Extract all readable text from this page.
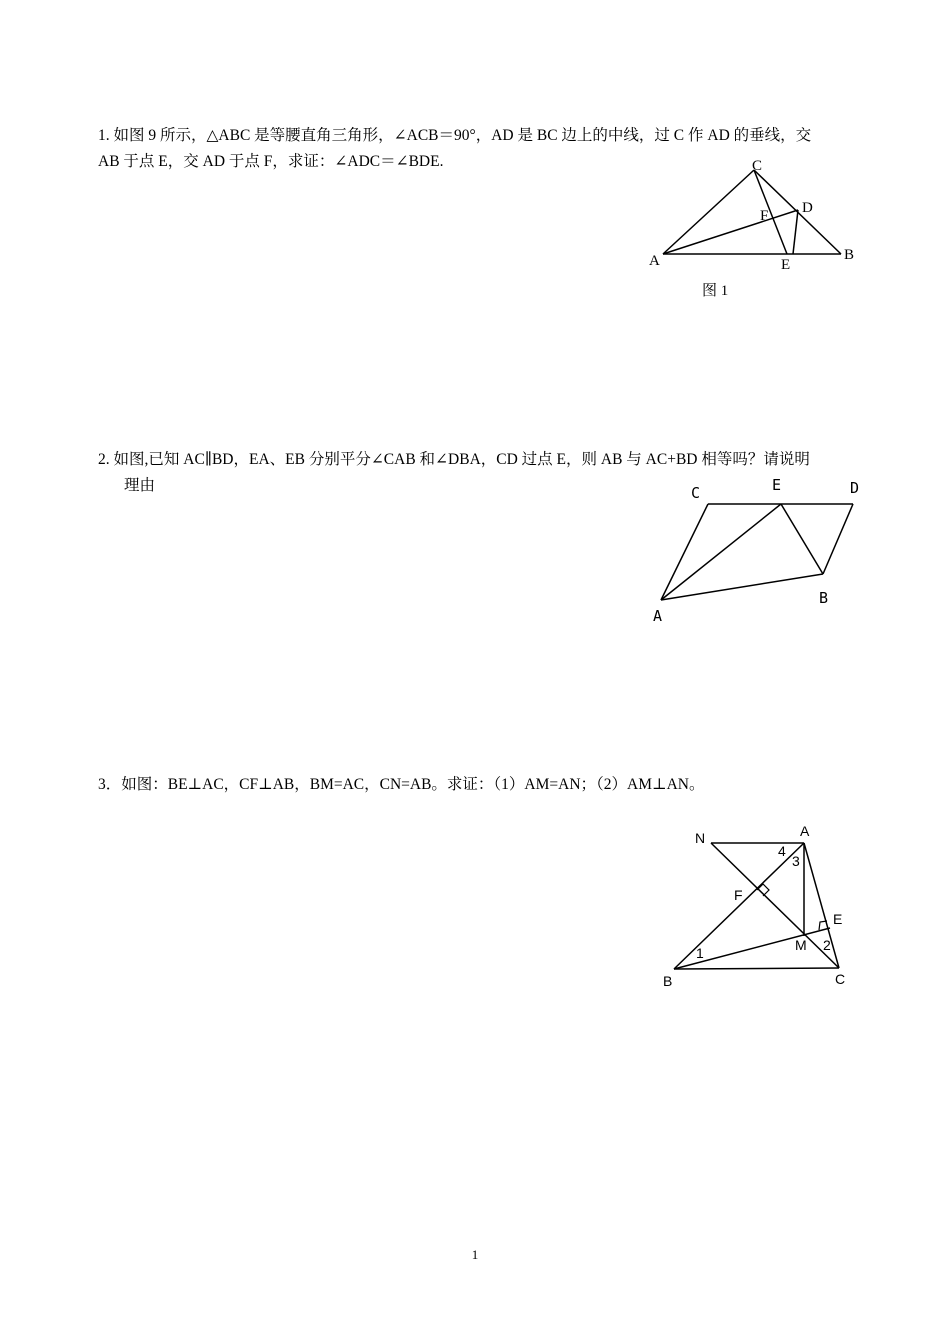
1. 如图 9 所示，△ABC 是等腰直角三角形，∠ACB＝90°，AD 是 BC 边上的中线，过 C 作 AD 的垂线，交
AB 于点 E，交 AD 于点 F，求证：∠ADC＝∠BDE.	C
D
F
A	E
B
图 1
2. 如图,已知 AC∥BD，EA、EB 分别平分∠CAB 和∠DBA，CD 过点 E，则 AB 与 AC+BD 相等吗？请说明
理由	C	E	D
B
A
3．如图：BE⊥AC，CF⊥AB，BM=AC，CN=AB。求证：（1）AM=AN；（2）AM⊥AN。
N	A
4
3
F
E
M 2
1
B	C
1
